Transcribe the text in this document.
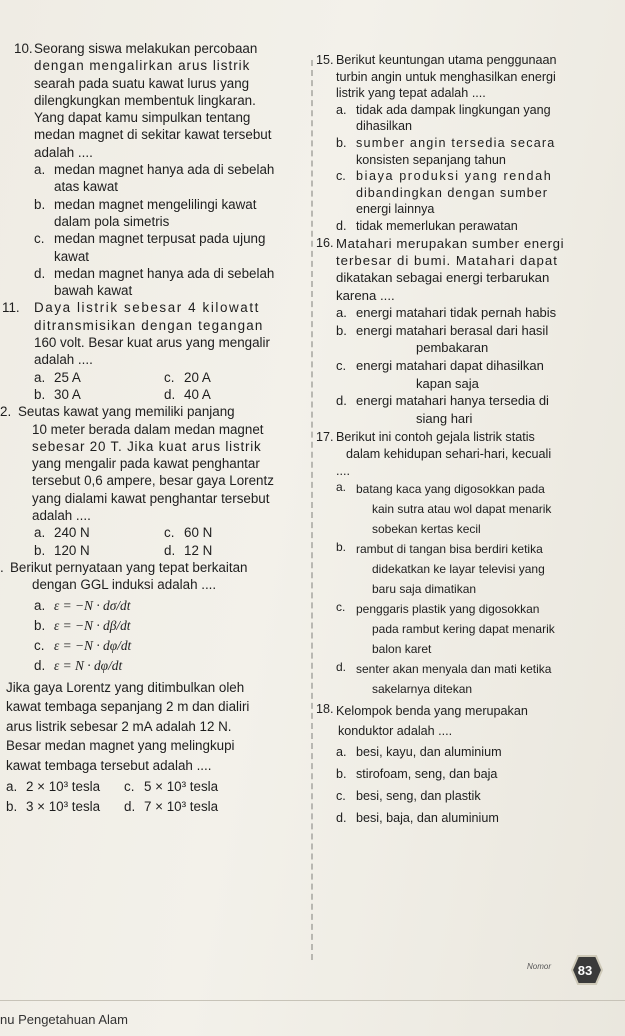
10. Seorang siswa melakukan percobaan
dengan mengalirkan arus listrik
searah pada suatu kawat lurus yang
dilengkungkan membentuk lingkaran.
Yang dapat kamu simpulkan tentang
medan magnet di sekitar kawat tersebut
adalah ....
a. medan magnet hanya ada di sebelah
atas kawat
b. medan magnet mengelilingi kawat
dalam pola simetris
c. medan magnet terpusat pada ujung
kawat
d. medan magnet hanya ada di sebelah
bawah kawat
11.	Daya listrik sebesar 4 kilowatt
ditransmisikan dengan tegangan
160 volt. Besar kuat arus yang mengalir
adalah ....
a. 25 A	c. 20 A
b. 30 A	d. 40 A
2. Seutas kawat yang memiliki panjang
10 meter berada dalam medan magnet
sebesar 20 T. Jika kuat arus listrik
yang mengalir pada kawat penghantar
tersebut 0,6 ampere, besar gaya Lorentz
yang dialami kawat penghantar tersebut
adalah ....
a. 240 N	c. 60 N
b. 120 N	d. 12 N
. Berikut pernyataan yang tepat berkaitan
dengan GGL induksi adalah ....
a. ε = −N · dσ/dt
b. ε = −N · dβ/dt
c. ε = −N · dφ/dt
d. ε = N · dφ/dt
Jika gaya Lorentz yang ditimbulkan oleh
kawat tembaga sepanjang 2 m dan dialiri
arus listrik sebesar 2 mA adalah 12 N.
Besar medan magnet yang melingkupi
kawat tembaga tersebut adalah ....
a. 2 × 10³ tesla c. 5 × 10³ tesla
b. 3 × 10³ tesla d. 7 × 10³ tesla
15. Berikut keuntungan utama penggunaan
turbin angin untuk menghasilkan energi
listrik yang tepat adalah ....
a. tidak ada dampak lingkungan yang
dihasilkan
b. sumber angin tersedia secara
konsisten sepanjang tahun
c. biaya produksi yang rendah
dibandingkan dengan sumber
energi lainnya
d. tidak memerlukan perawatan
16. Matahari merupakan sumber energi
terbesar di bumi. Matahari dapat
dikatakan sebagai energi terbarukan
karena ....
a. energi matahari tidak pernah habis
b. energi matahari berasal dari hasil
pembakaran
c. energi matahari dapat dihasilkan
kapan saja
d. energi matahari hanya tersedia di
siang hari
17. Berikut ini contoh gejala listrik statis
dalam kehidupan sehari-hari, kecuali
....
a. batang kaca yang digosokkan pada
kain sutra atau wol dapat menarik
sobekan kertas kecil
b. rambut di tangan bisa berdiri ketika
didekatkan ke layar televisi yang
baru saja dimatikan
c. penggaris plastik yang digosokkan
pada rambut kering dapat menarik
balon karet
d. senter akan menyala dan mati ketika
sakelarnya ditekan
18. Kelompok benda yang merupakan
konduktor adalah ....
a. besi, kayu, dan aluminium
b. stirofoam, seng, dan baja
c. besi, seng, dan plastik
d. besi, baja, dan aluminium
Nomor 83
nu Pengetahuan Alam
